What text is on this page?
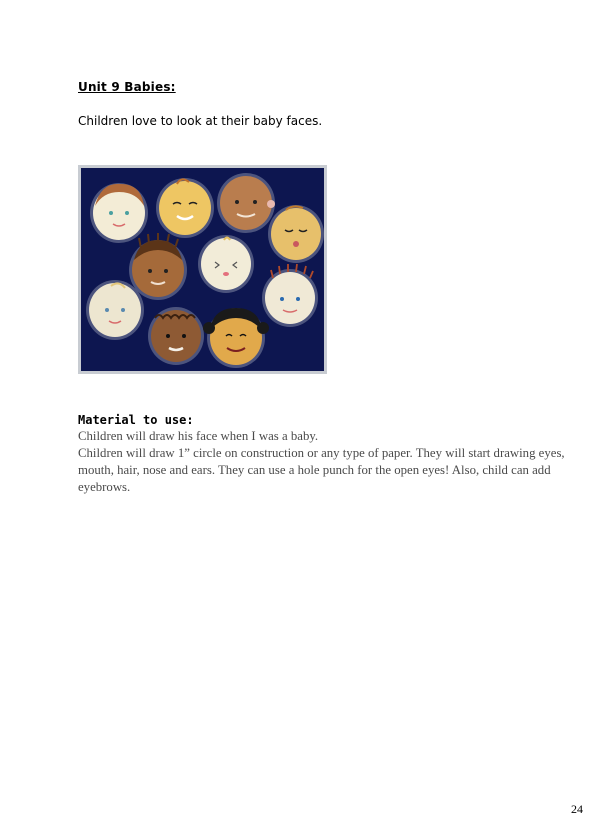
Unit 9 Babies:
Children love to look at their baby faces.
Material to use:

Children will draw his face when I was a baby.

Children will draw 1” circle on construction or any type of paper. They will start drawing eyes, mouth, hair, nose and ears. They can use a hole punch for the open eyes! Also, child can add eyebrows.

24
